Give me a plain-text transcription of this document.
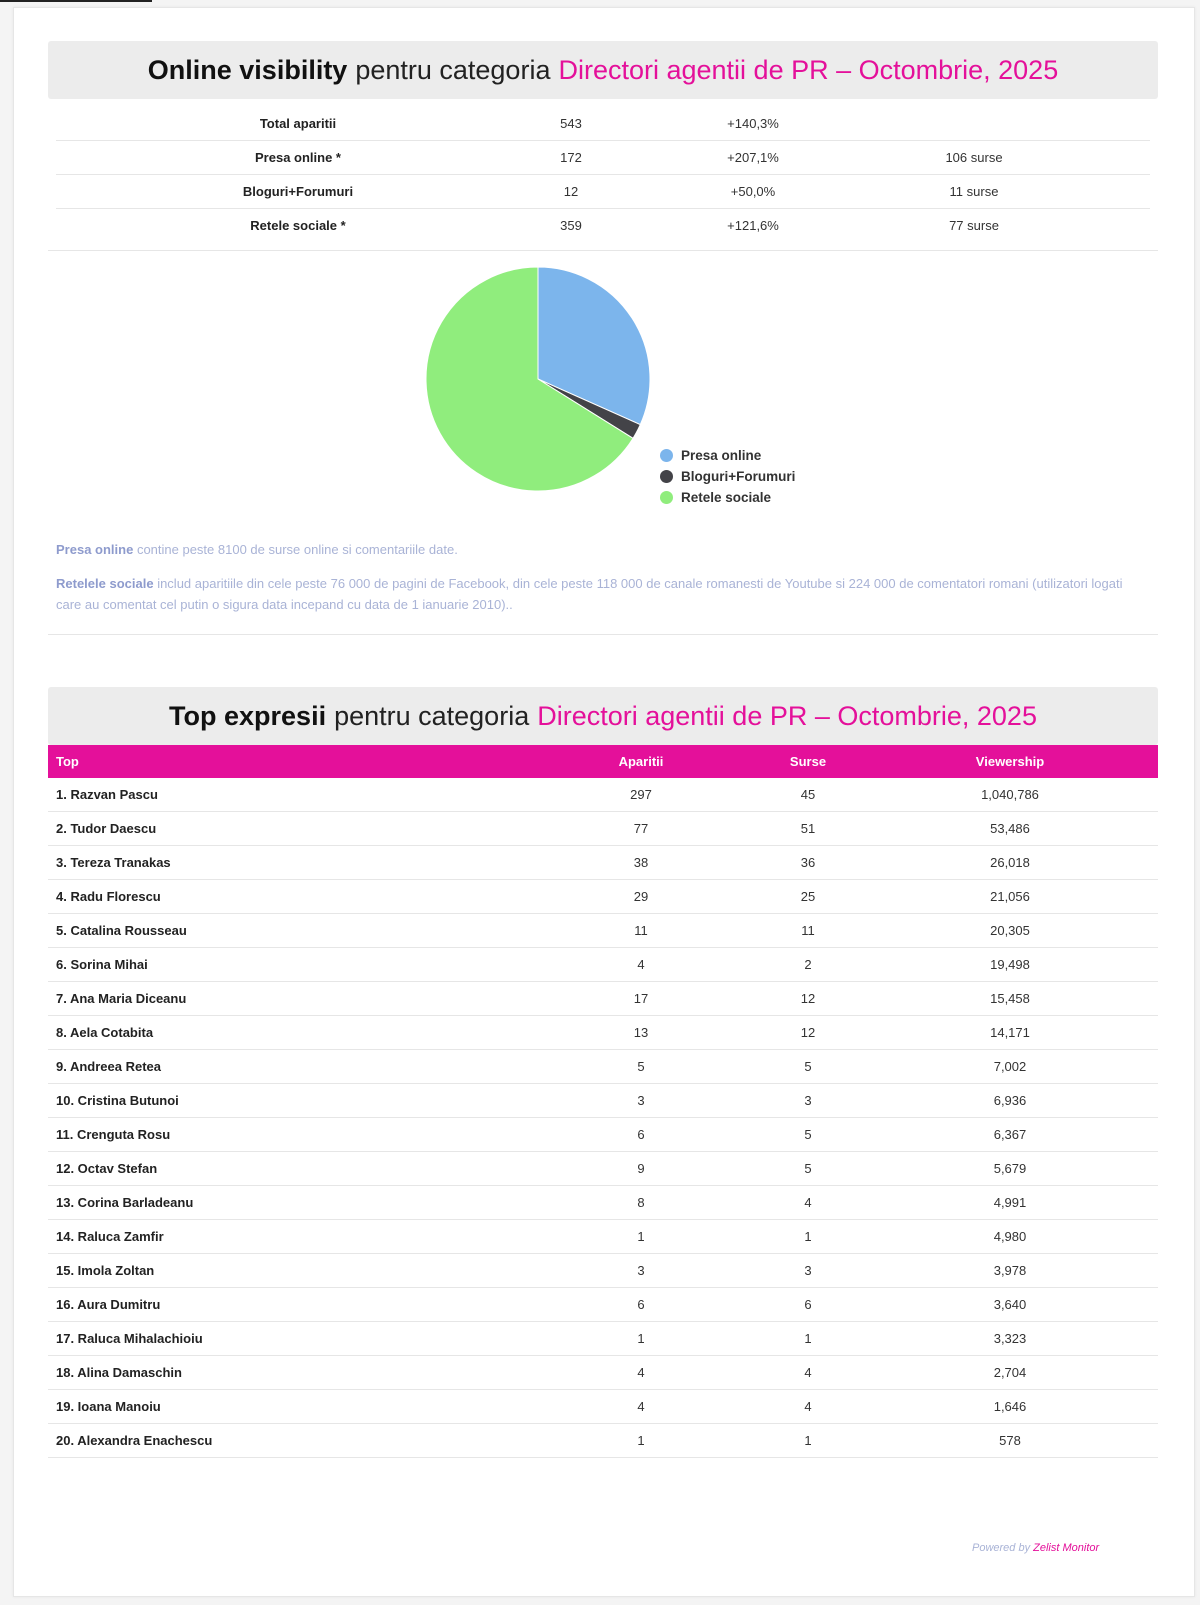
Online visibility pentru categoria Directori agentii de PR – Octombrie, 2025
Total aparitii	543	+140,3%
Presa online *	172	+207,1%	106 surse
Bloguri+Forumuri	12	+50,0%	11 surse
Retele sociale *	359	+121,6%	77 surse
Presa online
Bloguri+Forumuri
Retele sociale

Presa online contine peste 8100 de surse online si comentariile date.

Retelele sociale includ aparitiile din cele peste 76 000 de pagini de Facebook, din cele peste 118 000 de canale romanesti de Youtube si 224 000 de comentatori romani (utilizatori logati care au comentat cel putin o sigura data incepand cu data de 1 ianuarie 2010)..

Top expresii pentru categoria Directori agentii de PR – Octombrie, 2025
Top	Aparitii	Surse	Viewership
1. Razvan Pascu	297	45	1,040,786
2. Tudor Daescu	77	51	53,486
3. Tereza Tranakas	38	36	26,018
4. Radu Florescu	29	25	21,056
5. Catalina Rousseau	11	11	20,305
6. Sorina Mihai	4	2	19,498
7. Ana Maria Diceanu	17	12	15,458
8. Aela Cotabita	13	12	14,171
9. Andreea Retea	5	5	7,002
10. Cristina Butunoi	3	3	6,936
11. Crenguta Rosu	6	5	6,367
12. Octav Stefan	9	5	5,679
13. Corina Barladeanu	8	4	4,991
14. Raluca Zamfir	1	1	4,980
15. Imola Zoltan	3	3	3,978
16. Aura Dumitru	6	6	3,640
17. Raluca Mihalachioiu	1	1	3,323
18. Alina Damaschin	4	4	2,704
19. Ioana Manoiu	4	4	1,646
20. Alexandra Enachescu	1	1	578
Powered by Zelist Monitor
